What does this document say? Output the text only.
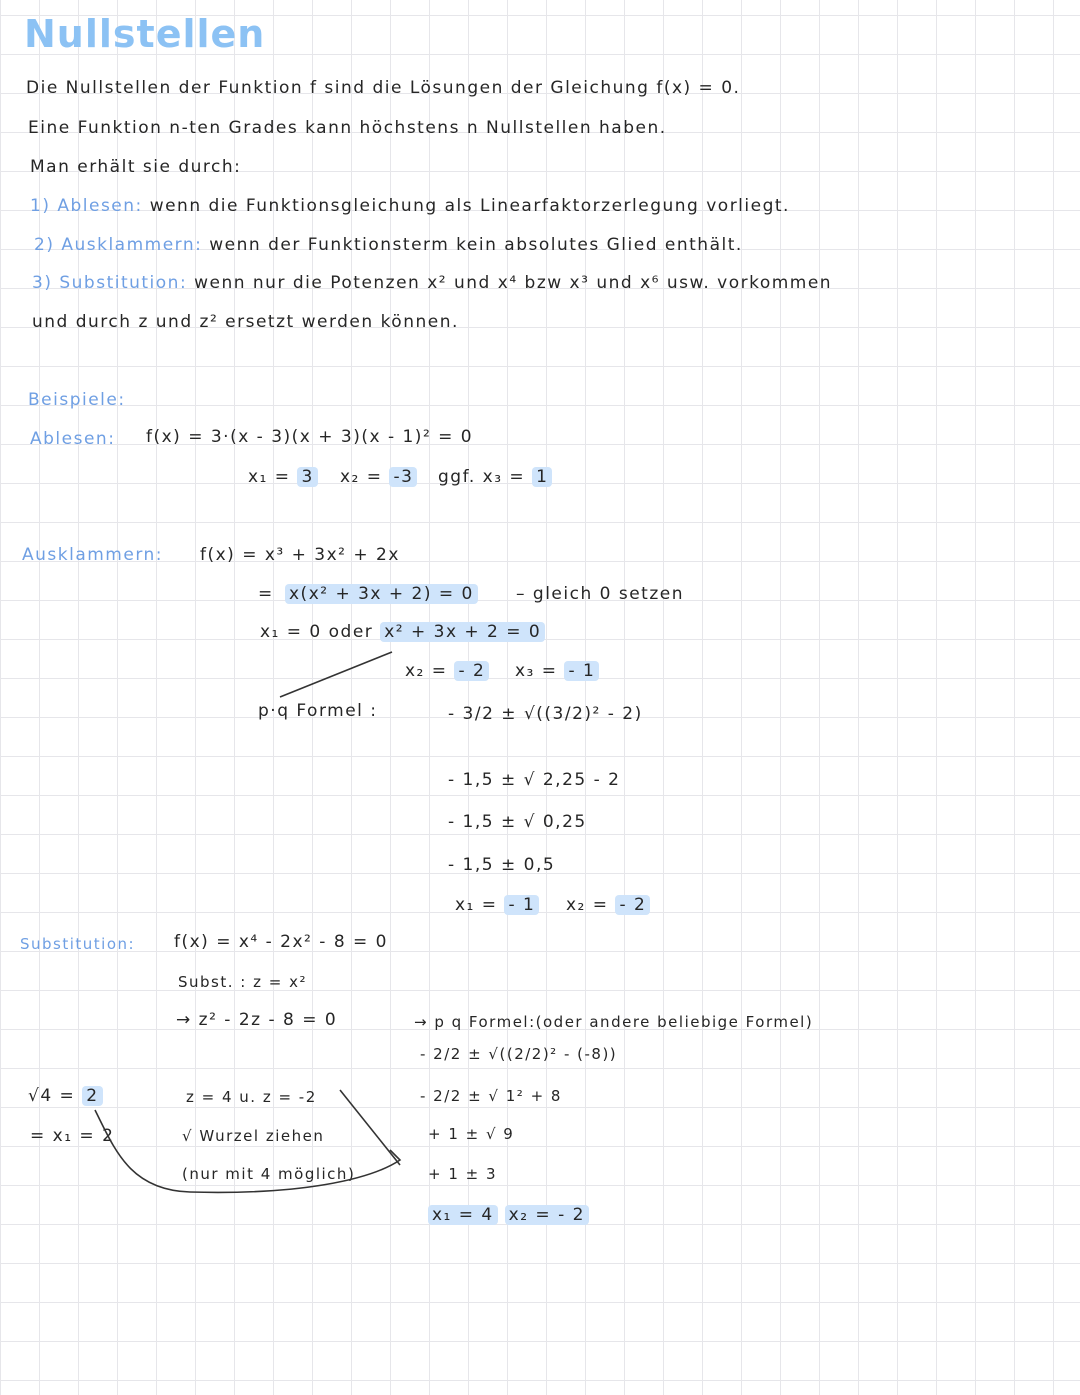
Nullstellen
Die Nullstellen der Funktion f sind die Lösungen der Gleichung f(x) = 0.
Eine Funktion n-ten Grades kann höchstens n Nullstellen haben.
Man erhält sie durch:
1) Ablesen: wenn die Funktionsgleichung als Linearfaktorzerlegung vorliegt.
2) Ausklammern: wenn der Funktionsterm kein absolutes Glied enthält.
3) Substitution: wenn nur die Potenzen x² und x⁴ bzw x³ und x⁶ usw. vorkommen
und durch z und z² ersetzt werden können.
Beispiele:
Ablesen: f(x) = 3·(x - 3)(x + 3)(x - 1)² = 0
x₁ = 3 x₂ = -3 ggf. x₃ = 1
Ausklammern: f(x) = x³ + 3x² + 2x
= x(x² + 3x + 2) = 0 – gleich 0 setzen
x₁ = 0 oder x² + 3x + 2 = 0
x₂ = - 2 x₃ = - 1
p·q Formel :	- 3/2 ± √((3/2)² - 2)
- 1,5 ± √ 2,25 - 2
- 1,5 ± √ 0,25
- 1,5 ± 0,5
x₁ = - 1 x₂ = - 2
Substitution: f(x) = x⁴ - 2x² - 8 = 0
Subst. : z = x²
→ z² - 2z - 8 = 0	→ p q Formel:(oder andere beliebige Formel)
- 2/2 ± √((2/2)² - (-8))
- 2/2 ± √ 1² + 8
+ 1 ± √ 9
+ 1 ± 3
x₁ = 4 x₂ = - 2
z = 4 u. z = -2
√ Wurzel ziehen
(nur mit 4 möglich)
√4 = 2
= x₁ = 2
